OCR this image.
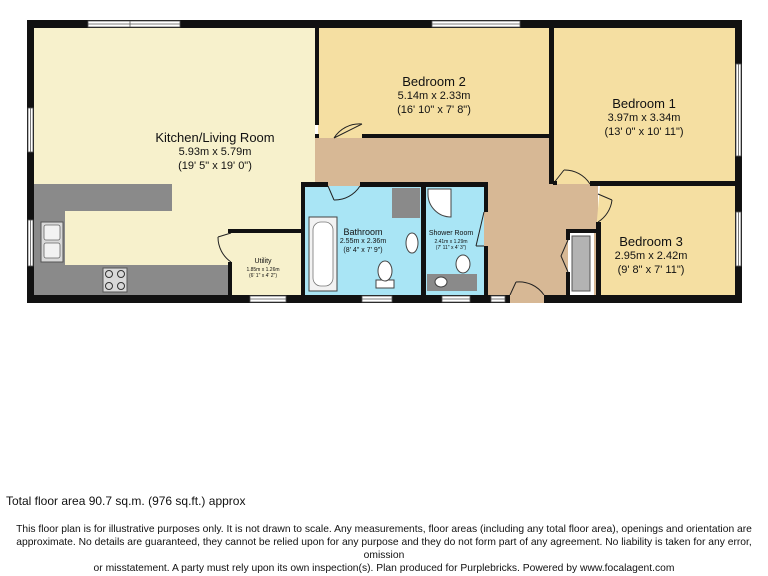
Kitchen/Living Room
5.93m x 5.79m
(19' 5" x 19' 0")
Bedroom 2
5.14m x 2.33m
(16' 10" x 7' 8")	Bedroom 1
3.97m x 3.34m
(13' 0" x 10' 11")
Bedroom 3
2.95m x 2.42m
(9' 8" x 7' 11")
Bathroom
2.55m x 2.36m
(8' 4" x 7' 9")
Shower Room
2.41m x 1.29m
(7' 11" x 4' 3")
Utility
1.85m x 1.26m
(6' 1" x 4' 2")
Total floor area 90.7 sq.m. (976 sq.ft.) approx
This floor plan is for illustrative purposes only. It is not drawn to scale. Any measurements, floor areas (including any total floor area), openings and orientation are
approximate. No details are guaranteed, they cannot be relied upon for any purpose and they do not form part of any agreement. No liability is taken for any error, omission
or misstatement. A party must rely upon its own inspection(s). Plan produced for Purplebricks. Powered by www.focalagent.com
